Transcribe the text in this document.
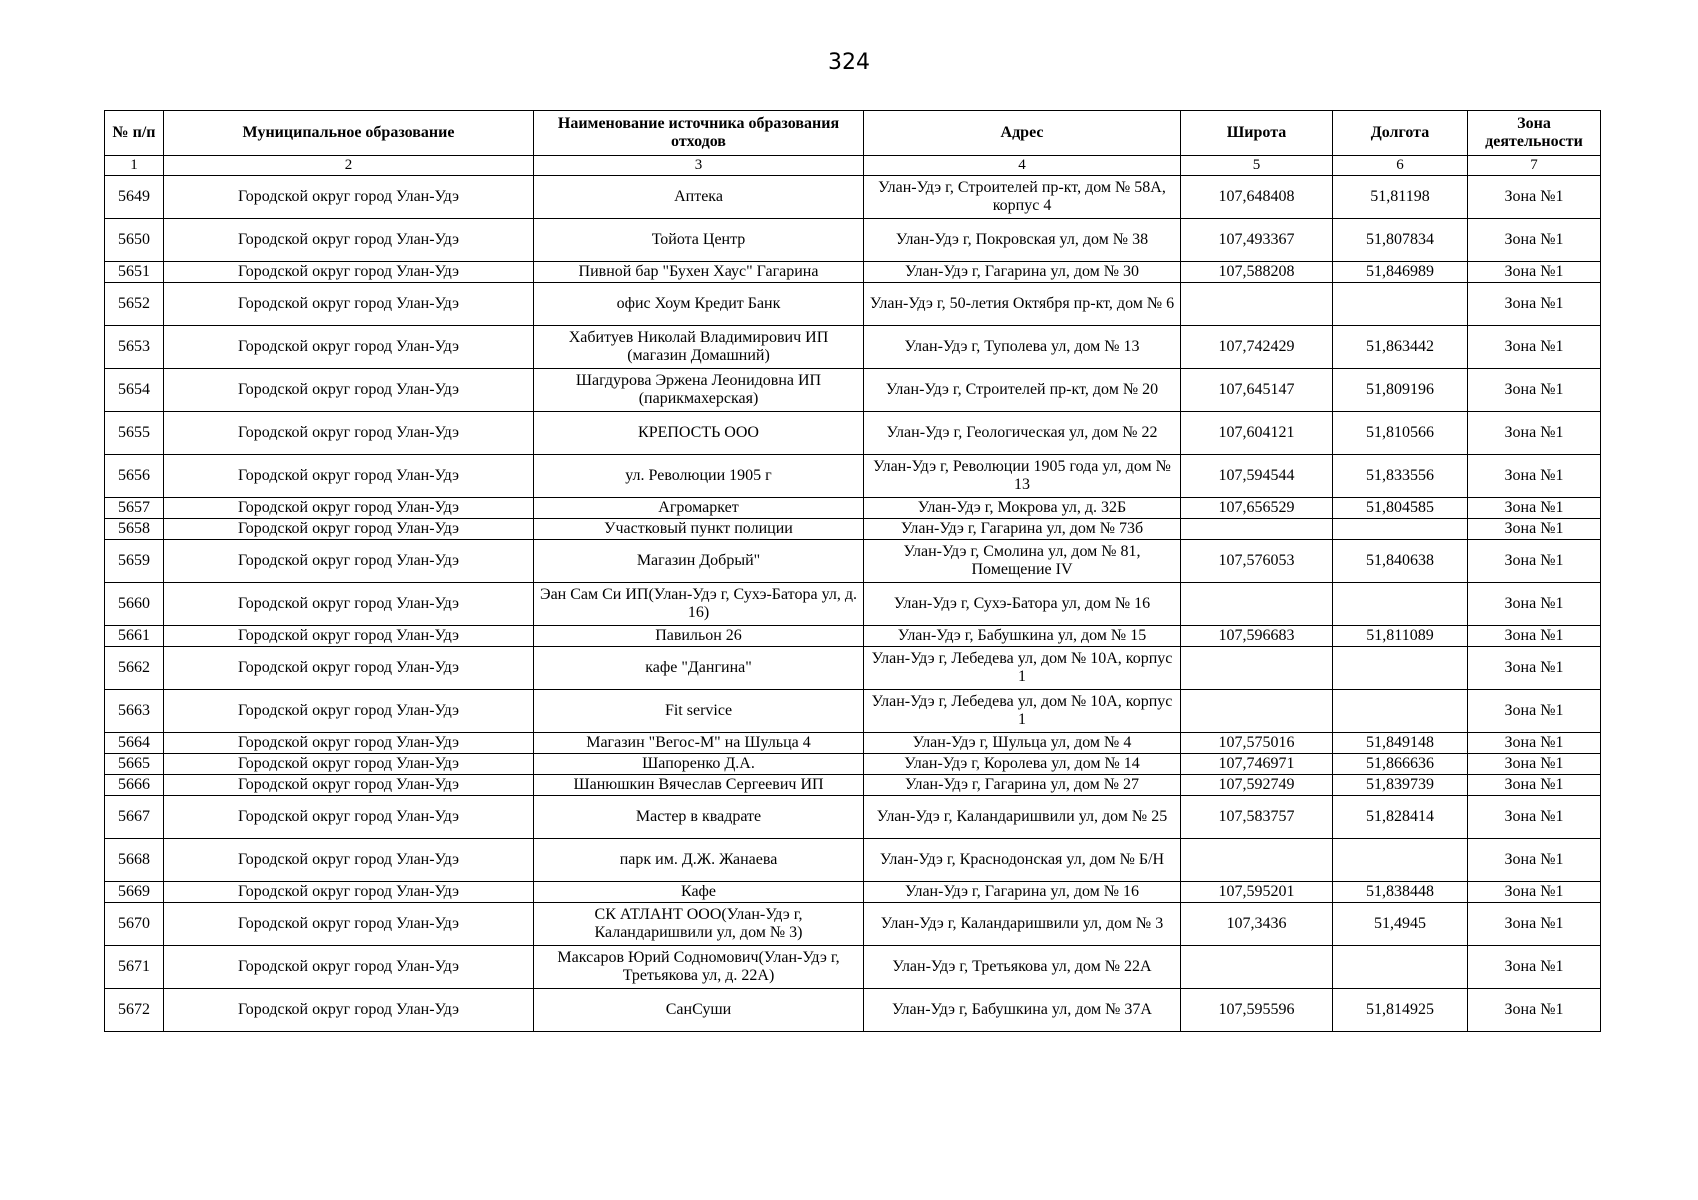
324
№ п/п	Муниципальное образование	Наименование источника образования отходов	Адрес	Широта	Долгота	Зона деятельности
1	2	3	4	5	6	7
5649	Городской округ город Улан-Удэ	Аптека	Улан-Удэ г, Строителей пр-кт, дом № 58А, корпус 4	107,648408	51,81198	Зона №1
5650	Городской округ город Улан-Удэ	Тойота Центр	Улан-Удэ г, Покровская ул, дом № 38	107,493367	51,807834	Зона №1
5651	Городской округ город Улан-Удэ	Пивной бар "Бухен Хаус" Гагарина	Улан-Удэ г, Гагарина ул, дом № 30	107,588208	51,846989	Зона №1
5652	Городской округ город Улан-Удэ	офис Хоум Кредит Банк	Улан-Удэ г, 50-летия Октября пр-кт, дом № 6			Зона №1
5653	Городской округ город Улан-Удэ	Хабитуев Николай Владимирович ИП (магазин Домашний)	Улан-Удэ г, Туполева ул, дом № 13	107,742429	51,863442	Зона №1
5654	Городской округ город Улан-Удэ	Шагдурова Эржена Леонидовна ИП (парикмахерская)	Улан-Удэ г, Строителей пр-кт, дом № 20	107,645147	51,809196	Зона №1
5655	Городской округ город Улан-Удэ	КРЕПОСТЬ ООО	Улан-Удэ г, Геологическая ул, дом № 22	107,604121	51,810566	Зона №1
5656	Городской округ город Улан-Удэ	ул. Революции 1905 г	Улан-Удэ г, Революции 1905 года ул, дом № 13	107,594544	51,833556	Зона №1
5657	Городской округ город Улан-Удэ	Агромаркет	Улан-Удэ г, Мокрова ул, д. 32Б	107,656529	51,804585	Зона №1
5658	Городской округ город Улан-Удэ	Участковый пункт полиции	Улан-Удэ г, Гагарина ул, дом № 73б			Зона №1
5659	Городской округ город Улан-Удэ	Магазин Добрый"	Улан-Удэ г, Смолина ул, дом № 81, Помещение IV	107,576053	51,840638	Зона №1
5660	Городской округ город Улан-Удэ	Эан Сам Си ИП(Улан-Удэ г, Сухэ-Батора ул, д. 16)	Улан-Удэ г, Сухэ-Батора ул, дом № 16			Зона №1
5661	Городской округ город Улан-Удэ	Павильон 26	Улан-Удэ г, Бабушкина ул, дом № 15	107,596683	51,811089	Зона №1
5662	Городской округ город Улан-Удэ	кафе "Дангина"	Улан-Удэ г, Лебедева ул, дом № 10А, корпус 1			Зона №1
5663	Городской округ город Улан-Удэ	Fit service	Улан-Удэ г, Лебедева ул, дом № 10А, корпус 1			Зона №1
5664	Городской округ город Улан-Удэ	Магазин "Вегос-М" на Шульца 4	Улан-Удэ г, Шульца ул, дом № 4	107,575016	51,849148	Зона №1
5665	Городской округ город Улан-Удэ	Шапоренко Д.А.	Улан-Удэ г, Королева ул, дом № 14	107,746971	51,866636	Зона №1
5666	Городской округ город Улан-Удэ	Шанюшкин Вячеслав Сергеевич ИП	Улан-Удэ г, Гагарина ул, дом № 27	107,592749	51,839739	Зона №1
5667	Городской округ город Улан-Удэ	Мастер в квадрате	Улан-Удэ г, Каландаришвили ул, дом № 25	107,583757	51,828414	Зона №1
5668	Городской округ город Улан-Удэ	парк им. Д.Ж. Жанаева	Улан-Удэ г, Краснодонская ул, дом № Б/Н			Зона №1
5669	Городской округ город Улан-Удэ	Кафе	Улан-Удэ г, Гагарина ул, дом № 16	107,595201	51,838448	Зона №1
5670	Городской округ город Улан-Удэ	СК АТЛАНТ ООО(Улан-Удэ г, Каландаришвили ул, дом № 3)	Улан-Удэ г, Каландаришвили ул, дом № 3	107,3436	51,4945	Зона №1
5671	Городской округ город Улан-Удэ	Максаров Юрий Содномович(Улан-Удэ г, Третьякова ул, д. 22А)	Улан-Удэ г, Третьякова ул, дом № 22А			Зона №1
5672	Городской округ город Улан-Удэ	СанСуши	Улан-Удэ г, Бабушкина ул, дом № 37А	107,595596	51,814925	Зона №1
